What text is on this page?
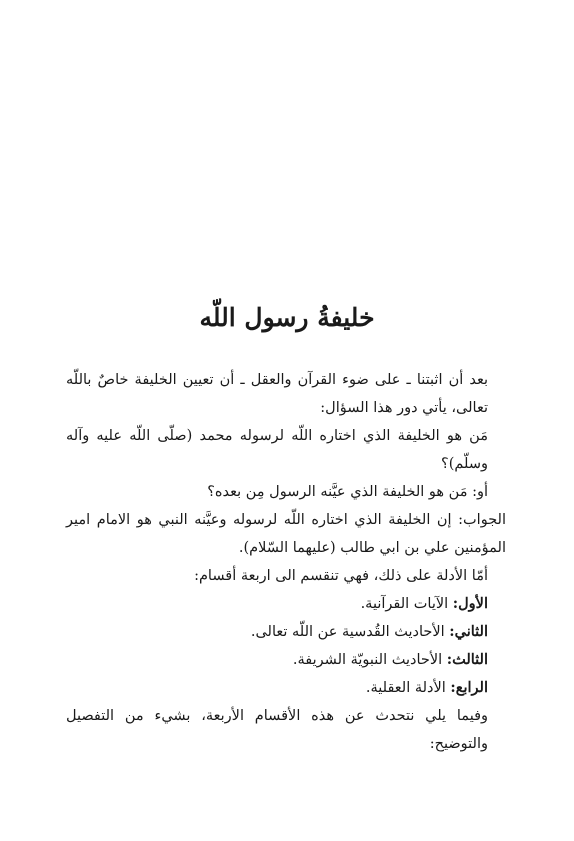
خليفةُ رسول اللّه

بعد أن اثبتنا ـ على ضوء القرآن والعقل ـ أن تعيين الخليفة خاصٌ باللّه تعالى، يأتي دور هذا السؤال:

مَن هو الخليفة الذي اختاره اللّه لرسوله محمد (صلّى اللّه عليه وآله وسلّم)؟

أو: مَن هو الخليفة الذي عيَّنه الرسول مِن بعده؟

الجواب: إن الخليفة الذي اختاره اللّه لرسوله وعيَّنه النبي هو الامام امير المؤمنين علي بن ابي طالب (عليهما السّلام).

أمّا الأدلة على ذلك، فهي تنقسم الى اربعة أقسام:

الأول: الآيات القرآنية.

الثاني: الأحاديث القُدسية عن اللّه تعالى.

الثالث: الأحاديث النبويّة الشريفة.

الرابع: الأدلة العقلية.

وفيما يلي نتحدث عن هذه الأقسام الأربعة، بشيء من التفصيل والتوضيح:
